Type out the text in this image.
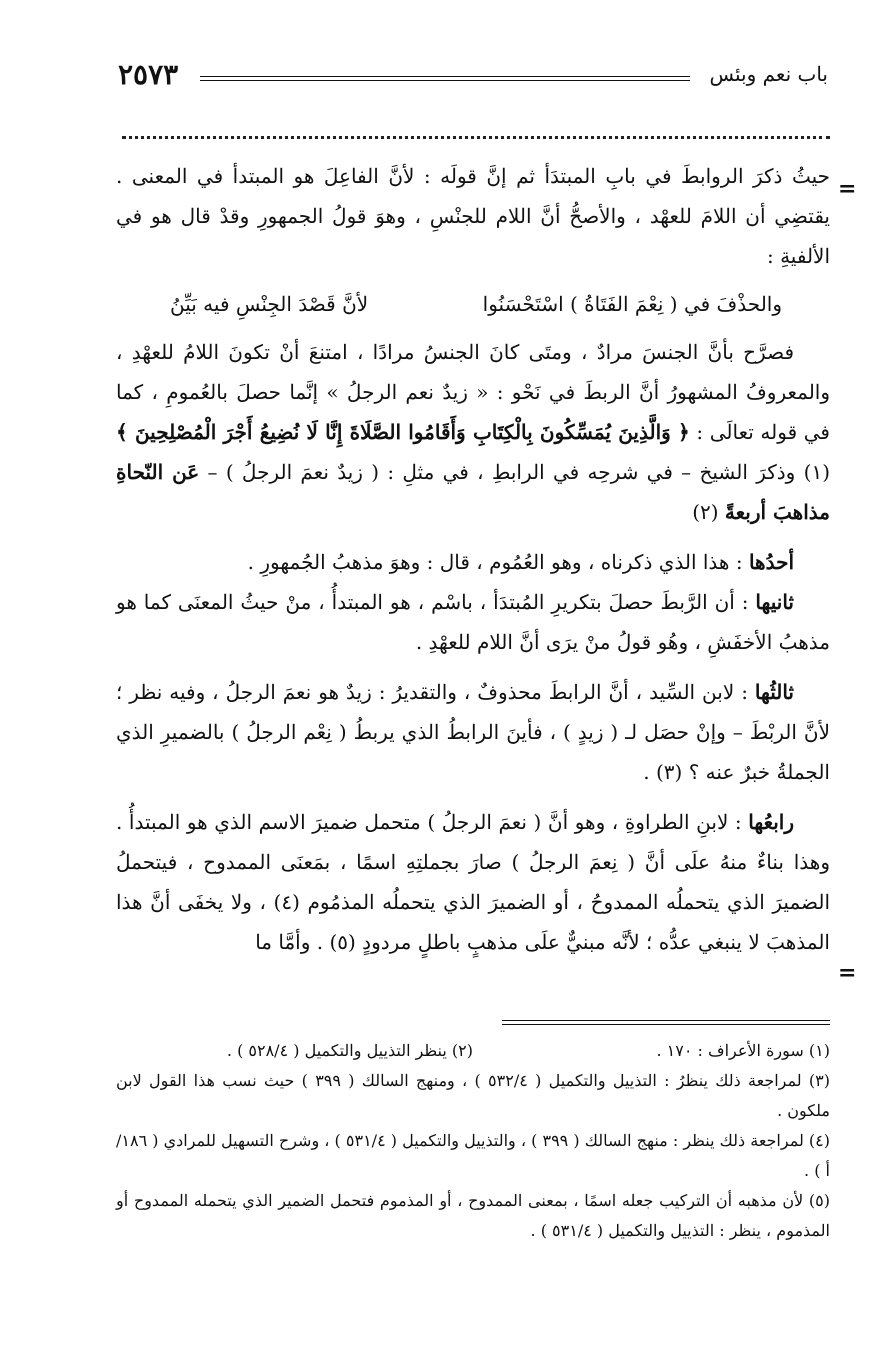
٢٥٧٣	باب نعم وبئس
=
=

حيثُ ذكرَ الروابطَ في بابِ المبتدَأ ثم إنَّ قولَه : لأنَّ الفاعِلَ هو المبتدأ في المعنى . يقتضِي أن اللامَ للعهْد ، والأصحُّ أنَّ اللام للجنْسِ ، وهوَ قولُ الجمهورِ وقدْ قال هو في الألفيةِ :

والحذْفَ في ( نِعْمَ الفَتَاةُ ) اسْتَحْسَنُوا
لأنَّ قَصْدَ الجِنْسِ فيه بَيِّنُ

فصرَّح بأنَّ الجنسَ مرادٌ ، ومتَى كانَ الجنسُ مرادًا ، امتنعَ أنْ تكونَ اللامُ للعهْدِ ، والمعروفُ المشهورُ أنَّ الربطَ في نَحْو : « زيدٌ نعم الرجلُ » إنَّما حصلَ بالعُمومِ ، كما في قوله تعالَى : ﴿ وَالَّذِينَ يُمَسِّكُونَ بِالْكِتَابِ وَأَقَامُوا الصَّلَاةَ إِنَّا لَا نُضِيعُ أَجْرَ الْمُصْلِحِينَ ﴾ (١) وذكرَ الشيخ – في شرحِه في الرابطِ ، في مثلِ : ( زيدٌ نعمَ الرجلُ ) – عَن النّحاةِ مذاهبَ أربعةً (٢)

أحدُها : هذا الذي ذكرناه ، وهو العُمُوم ، قال : وهوَ مذهبُ الجُمهورِ .

ثانيها : أن الرَّبطَ حصلَ بتكريرِ المُبتدَأ ، باسْم ، هو المبتدأُ ، منْ حيثُ المعنَى كما هو مذهبُ الأخفَشِ ، وهُو قولُ منْ يرَى أنَّ اللام للعهْدِ .

ثالثُها : لابن السِّيد ، أنَّ الرابطَ محذوفٌ ، والتقديرُ : زيدٌ هو نعمَ الرجلُ ، وفيه نظر ؛ لأنَّ الربْطَ – وإنْ حصَل لـ ( زيدٍ ) ، فأينَ الرابطُ الذي يربطُ ( نِعْم الرجلُ ) بالضميرِ الذي الجملةُ خبرٌ عنه ؟ (٣) .

رابعُها : لابنِ الطراوةِ ، وهو أنَّ ( نعمَ الرجلُ ) متحمل ضميرَ الاسم الذي هو المبتدأُ . وهذا بناءٌ منهُ علَى أنَّ ( نِعمَ الرجلُ ) صارَ بجملتِهِ اسمًا ، بمَعنَى الممدوح ، فيتحملُ الضميرَ الذي يتحملُه الممدوحُ ، أو الضميرَ الذي يتحملُه المذمُوم (٤) ، ولا يخفَى أنَّ هذا المذهبَ لا ينبغي عدُّه ؛ لأنَّه مبنيٌّ علَى مذهبٍ باطلٍ مردودٍ (٥) . وأمَّا ما

(١) سورة الأعراف : ١٧٠ .
(٢) ينظر التذييل والتكميل ( ٥٢٨/٤ ) .

(٣) لمراجعة ذلك ينظرُ : التذييل والتكميل ( ٥٣٢/٤ ) ، ومنهج السالك ( ٣٩٩ ) حيث نسب هذا القول لابن ملكون .

(٤) لمراجعة ذلك ينظر : منهج السالك ( ٣٩٩ ) ، والتذييل والتكميل ( ٥٣١/٤ ) ، وشرح التسهيل للمرادي ( ١٨٦/أ ) .

(٥) لأن مذهبه أن التركيب جعله اسمًا ، بمعنى الممدوح ، أو المذموم فتحمل الضمير الذي يتحمله الممدوح أو المذموم ، ينظر : التذييل والتكميل ( ٥٣١/٤ ) .
